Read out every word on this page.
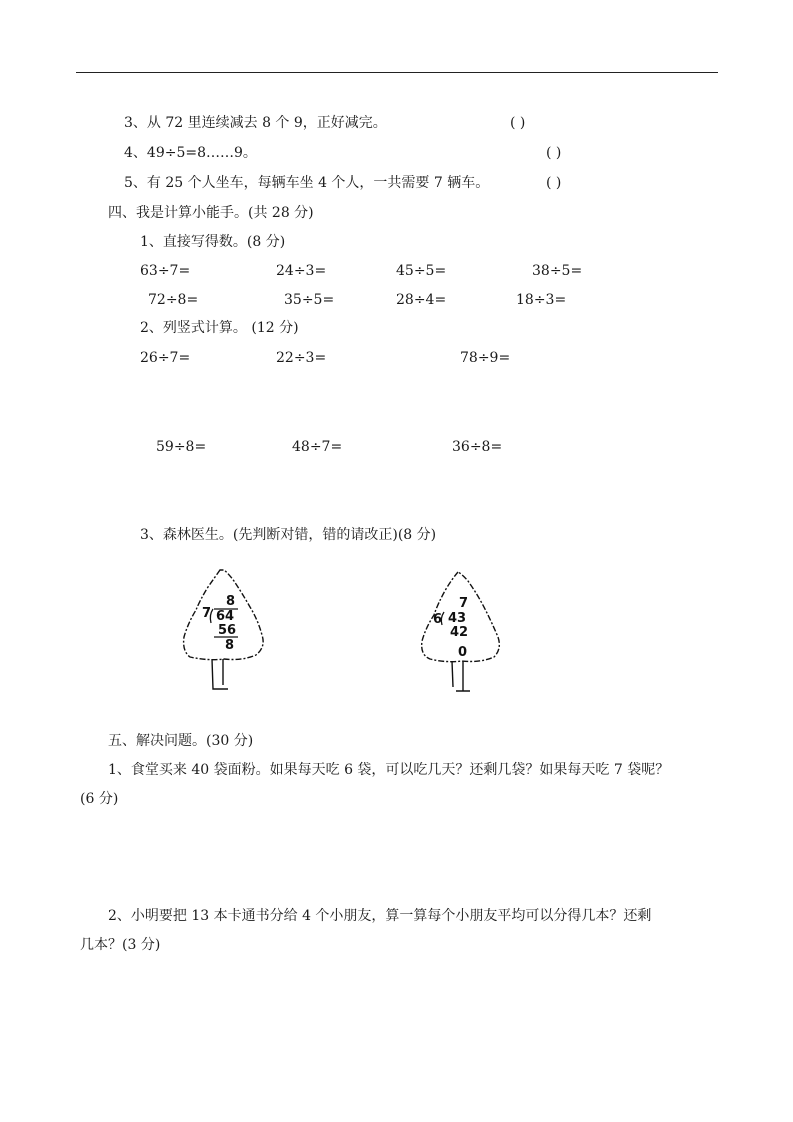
3、从 72 里连续减去 8 个 9，正好减完。	( )
4、49÷5=8……9。	( )
5、有 25 个人坐车，每辆车坐 4 个人，一共需要 7 辆车。	( )
四、我是计算小能手。(共 28 分)
1、直接写得数。(8 分)
63÷7=	24÷3=	45÷5=	38÷5=
72÷8=	35÷5=	28÷4=	18÷3=
2、列竖式计算。 (12 分)
26÷7=	22÷3=	78÷9=
59÷8=	48÷7=	36÷8=
3、森林医生。(先判断对错，错的请改正)(8 分)
8
7 64
56
8
7
6 43
42
0
五、解决问题。(30 分)
1、食堂买来 40 袋面粉。如果每天吃 6 袋，可以吃几天？还剩几袋？如果每天吃 7 袋呢？
(6 分)
2、小明要把 13 本卡通书分给 4 个小朋友，算一算每个小朋友平均可以分得几本？还剩
几本？(3 分)
